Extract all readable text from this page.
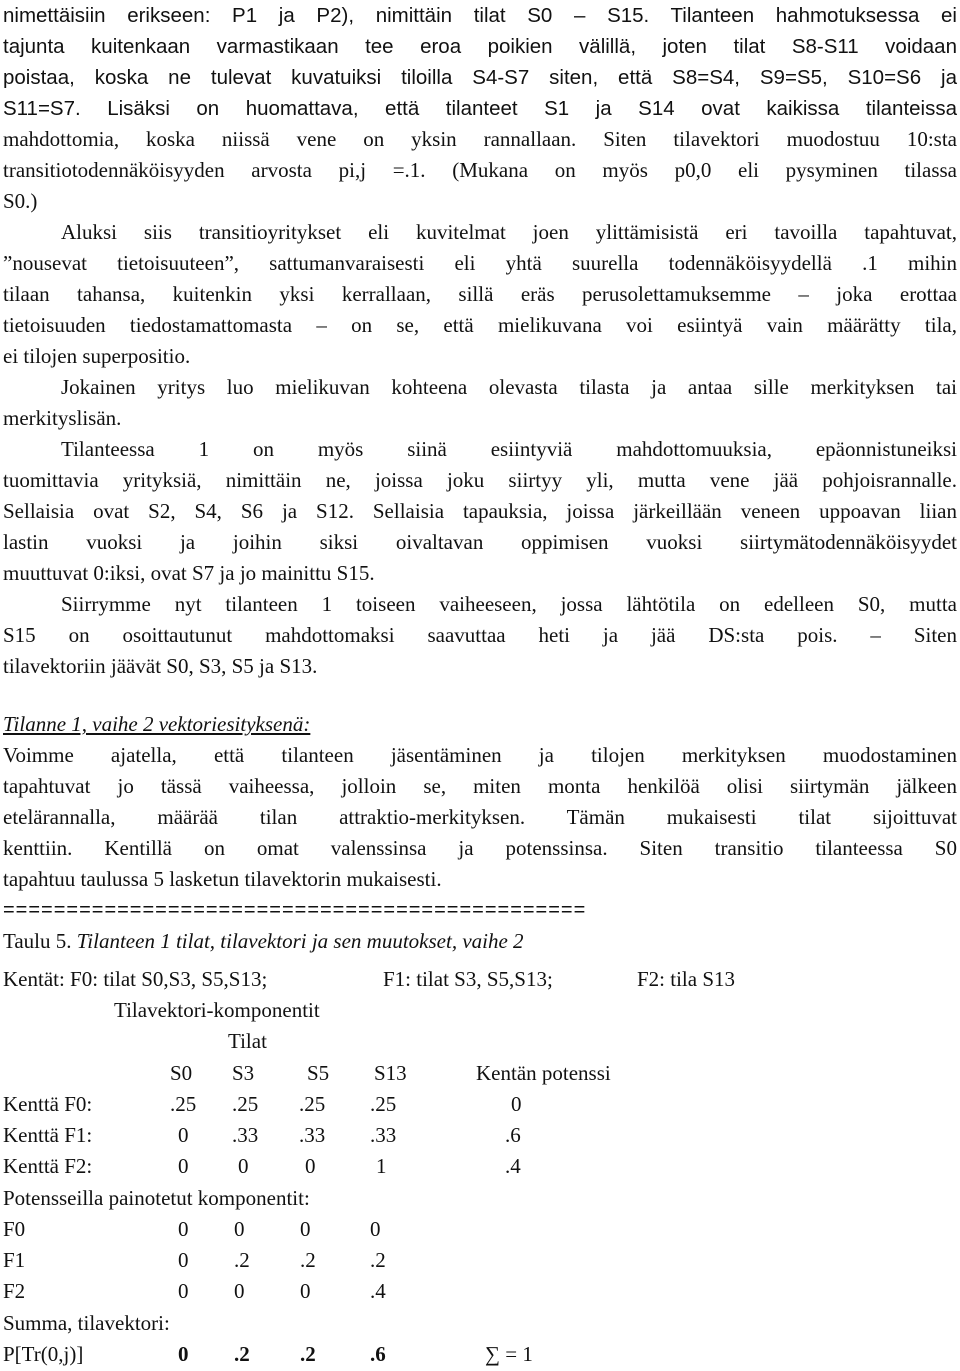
nimettäisiin erikseen: P1 ja P2), nimittäin tilat S0 – S15. Tilanteen hahmotuksessa ei
tajunta kuitenkaan varmastikaan tee eroa poikien välillä, joten tilat S8-S11 voidaan
poistaa, koska ne tulevat kuvatuiksi tiloilla S4-S7 siten, että S8=S4, S9=S5, S10=S6 ja
S11=S7. Lisäksi on huomattava, että tilanteet S1 ja S14 ovat kaikissa tilanteissa
mahdottomia, koska niissä vene on yksin rannallaan. Siten tilavektori muodostuu 10:sta
transitiotodennäköisyyden arvosta pi,j =.1. (Mukana on myös p0,0 eli pysyminen tilassa
S0.)
Aluksi siis transitioyritykset eli kuvitelmat joen ylittämisistä eri tavoilla tapahtuvat,
”nousevat tietoisuuteen”, sattumanvaraisesti eli yhtä suurella todennäköisyydellä .1 mihin
tilaan tahansa, kuitenkin yksi kerrallaan, sillä eräs perusolettamuksemme – joka erottaa
tietoisuuden tiedostamattomasta – on se, että mielikuvana voi esiintyä vain määrätty tila,
ei tilojen superpositio.
Jokainen yritys luo mielikuvan kohteena olevasta tilasta ja antaa sille merkityksen tai
merkityslisän.
Tilanteessa 1 on myös siinä esiintyviä mahdottomuuksia, epäonnistuneiksi
tuomittavia yrityksiä, nimittäin ne, joissa joku siirtyy yli, mutta vene jää pohjoisrannalle.
Sellaisia ovat S2, S4, S6 ja S12. Sellaisia tapauksia, joissa järkeillään veneen uppoavan liian
lastin vuoksi ja joihin siksi oivaltavan oppimisen vuoksi siirtymätodennäköisyydet
muuttuvat 0:iksi, ovat S7 ja jo mainittu S15.
Siirrymme nyt tilanteen 1 toiseen vaiheeseen, jossa lähtötila on edelleen S0, mutta
S15 on osoittautunut mahdottomaksi saavuttaa heti ja jää DS:sta pois. – Siten
tilavektoriin jäävät S0, S3, S5 ja S13.
Tilanne 1, vaihe 2 vektoriesityksenä:
Voimme ajatella, että tilanteen jäsentäminen ja tilojen merkityksen muodostaminen
tapahtuvat jo tässä vaiheessa, jolloin se, miten monta henkilöä olisi siirtymän jälkeen
etelärannalla, määrää tilan attraktio-merkityksen. Tämän mukaisesti tilat sijoittuvat
kenttiin. Kentillä on omat valenssinsa ja potenssinsa. Siten transitio tilanteessa S0
tapahtuu taulussa 5 lasketun tilavektorin mukaisesti.
==============================================
Taulu 5. Tilanteen 1 tilat, tilavektori ja sen muutokset, vaihe 2
Kentät: F0: tilat S0,S3, S5,S13;	F1: tilat S3, S5,S13;	F2: tila S13
Tilavektori-komponentit
Tilat
S0 S3	S5 S13	Kentän potenssi
Kenttä F0:	.25 .25 .25 .25	0
Kenttä F1:	0 .33 .33 .33	.6
Kenttä F2:	0 0	0	1	.4
Potensseilla painotetut komponentit:
F0	0 0	0	0
F1	0 .2 .2	.2
F2	0 0	0	.4
Summa, tilavektori:
P[Tr(0,j)]	0 .2 .2	.6	∑ = 1
